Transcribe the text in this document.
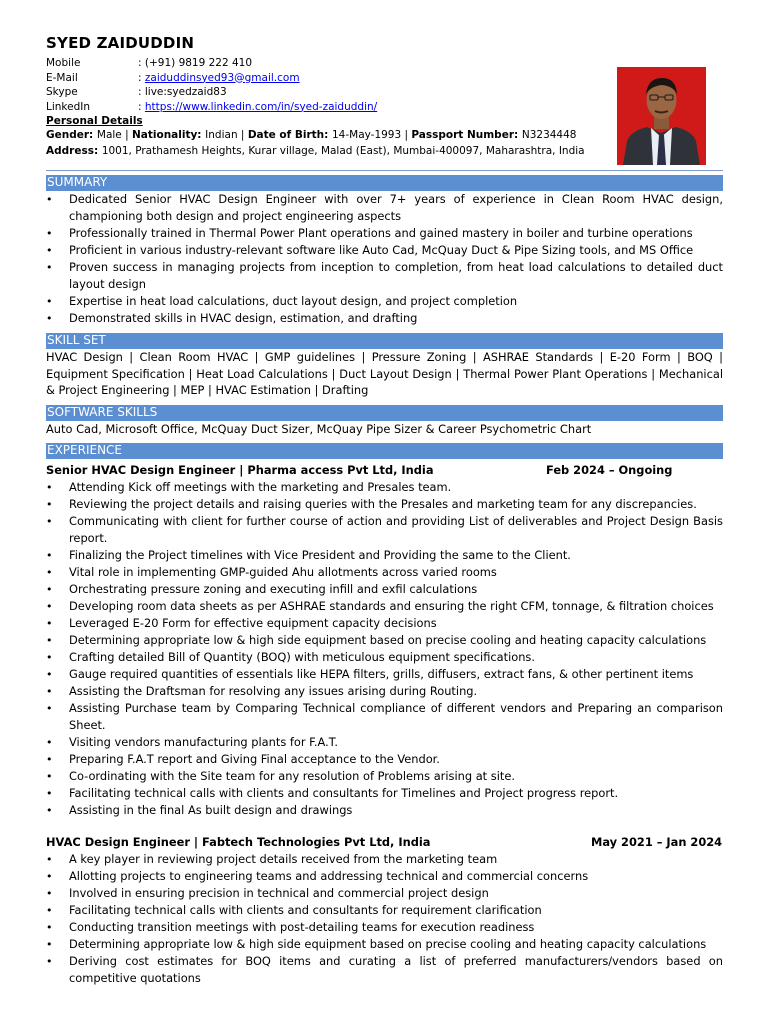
SYED ZAIDUDDIN
Mobile	: (+91) 9819 222 410
E-Mail	: zaiduddinsyed93@gmail.com
Skype	: live:syedzaid83
LinkedIn	: https://www.linkedin.com/in/syed-zaiduddin/
Personal Details
Gender: Male | Nationality: Indian | Date of Birth: 14-May-1993 | Passport Number: N3234448
Address: 1001, Prathamesh Heights, Kurar village, Malad (East), Mumbai-400097, Maharashtra, India
SUMMARY
• Dedicated Senior HVAC Design Engineer with over 7+ years of experience in Clean Room HVAC design, championing both design and project engineering aspects
• Professionally trained in Thermal Power Plant operations and gained mastery in boiler and turbine operations
• Proficient in various industry-relevant software like Auto Cad, McQuay Duct & Pipe Sizing tools, and MS Office
• Proven success in managing projects from inception to completion, from heat load calculations to detailed duct layout design
• Expertise in heat load calculations, duct layout design, and project completion
• Demonstrated skills in HVAC design, estimation, and drafting
SKILL SET
HVAC Design | Clean Room HVAC | GMP guidelines | Pressure Zoning | ASHRAE Standards | E-20 Form | BOQ | Equipment Specification | Heat Load Calculations | Duct Layout Design | Thermal Power Plant Operations | Mechanical & Project Engineering | MEP | HVAC Estimation | Drafting
SOFTWARE SKILLS
Auto Cad, Microsoft Office, McQuay Duct Sizer, McQuay Pipe Sizer & Career Psychometric Chart
EXPERIENCE
Senior HVAC Design Engineer | Pharma access Pvt Ltd, India	Feb 2024 – Ongoing
• Attending Kick off meetings with the marketing and Presales team.
• Reviewing the project details and raising queries with the Presales and marketing team for any discrepancies.
• Communicating with client for further course of action and providing List of deliverables and Project Design Basis report.
• Finalizing the Project timelines with Vice President and Providing the same to the Client.
• Vital role in implementing GMP-guided Ahu allotments across varied rooms
• Orchestrating pressure zoning and executing infill and exfil calculations
• Developing room data sheets as per ASHRAE standards and ensuring the right CFM, tonnage, & filtration choices
• Leveraged E-20 Form for effective equipment capacity decisions
• Determining appropriate low & high side equipment based on precise cooling and heating capacity calculations
• Crafting detailed Bill of Quantity (BOQ) with meticulous equipment specifications.
• Gauge required quantities of essentials like HEPA filters, grills, diffusers, extract fans, & other pertinent items
• Assisting the Draftsman for resolving any issues arising during Routing.
• Assisting Purchase team by Comparing Technical compliance of different vendors and Preparing an comparison Sheet.
• Visiting vendors manufacturing plants for F.A.T.
• Preparing F.A.T report and Giving Final acceptance to the Vendor.
• Co-ordinating with the Site team for any resolution of Problems arising at site.
• Facilitating technical calls with clients and consultants for Timelines and Project progress report.
• Assisting in the final As built design and drawings
HVAC Design Engineer | Fabtech Technologies Pvt Ltd, India	May 2021 – Jan 2024
• A key player in reviewing project details received from the marketing team
• Allotting projects to engineering teams and addressing technical and commercial concerns
• Involved in ensuring precision in technical and commercial project design
• Facilitating technical calls with clients and consultants for requirement clarification
• Conducting transition meetings with post-detailing teams for execution readiness
• Determining appropriate low & high side equipment based on precise cooling and heating capacity calculations
• Deriving cost estimates for BOQ items and curating a list of preferred manufacturers/vendors based on competitive quotations
